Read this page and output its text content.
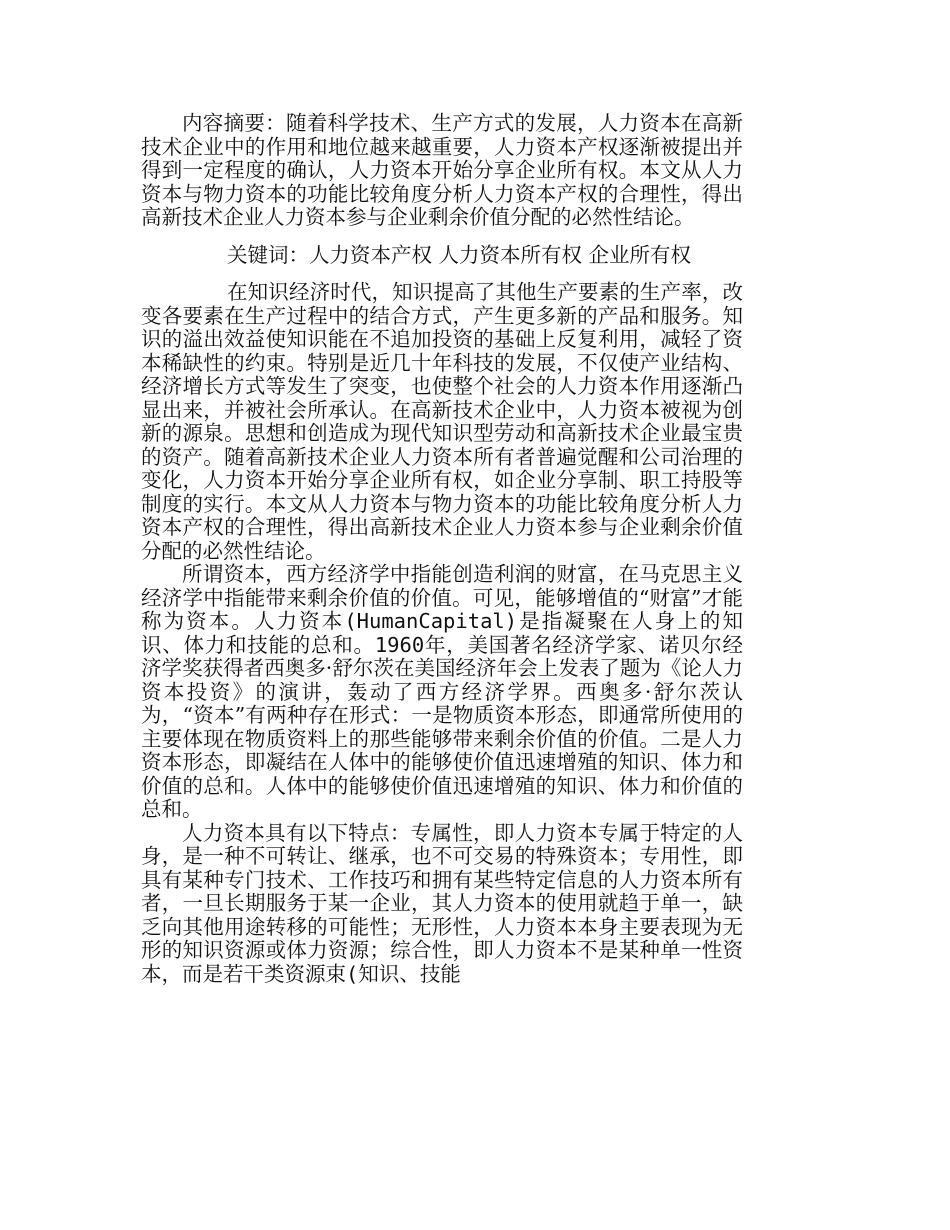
内容摘要：随着科学技术、生产方式的发展，人力资本在高新技术企业中的作用和地位越来越重要，人力资本产权逐渐被提出并得到一定程度的确认，人力资本开始分享企业所有权。本文从人力资本与物力资本的功能比较角度分析人力资本产权的合理性，得出高新技术企业人力资本参与企业剩余价值分配的必然性结论。

关键词：人力资本产权 人力资本所有权 企业所有权

在知识经济时代，知识提高了其他生产要素的生产率，改变各要素在生产过程中的结合方式，产生更多新的产品和服务。知识的溢出效益使知识能在不追加投资的基础上反复利用，减轻了资本稀缺性的约束。特别是近几十年科技的发展，不仅使产业结构、经济增长方式等发生了突变，也使整个社会的人力资本作用逐渐凸显出来，并被社会所承认。在高新技术企业中，人力资本被视为创新的源泉。思想和创造成为现代知识型劳动和高新技术企业最宝贵的资产。随着高新技术企业人力资本所有者普遍觉醒和公司治理的变化，人力资本开始分享企业所有权，如企业分享制、职工持股等制度的实行。本文从人力资本与物力资本的功能比较角度分析人力资本产权的合理性，得出高新技术企业人力资本参与企业剩余价值分配的必然性结论。

所谓资本，西方经济学中指能创造利润的财富，在马克思主义经济学中指能带来剩余价值的价值。可见，能够增值的“财富”才能称为资本。人力资本(HumanCapital)是指凝聚在人身上的知识、体力和技能的总和。1960年，美国著名经济学家、诺贝尔经济学奖获得者西奥多·舒尔茨在美国经济年会上发表了题为《论人力资本投资》的演讲，轰动了西方经济学界。西奥多·舒尔茨认为，“资本”有两种存在形式：一是物质资本形态，即通常所使用的主要体现在物质资料上的那些能够带来剩余价值的价值。二是人力资本形态，即凝结在人体中的能够使价值迅速增殖的知识、体力和价值的总和。人体中的能够使价值迅速增殖的知识、体力和价值的总和。

人力资本具有以下特点：专属性，即人力资本专属于特定的人身，是一种不可转让、继承，也不可交易的特殊资本；专用性，即具有某种专门技术、工作技巧和拥有某些特定信息的人力资本所有者，一旦长期服务于某一企业，其人力资本的使用就趋于单一，缺乏向其他用途转移的可能性；无形性，人力资本本身主要表现为无形的知识资源或体力资源；综合性，即人力资本不是某种单一性资本，而是若干类资源束(知识、技能
